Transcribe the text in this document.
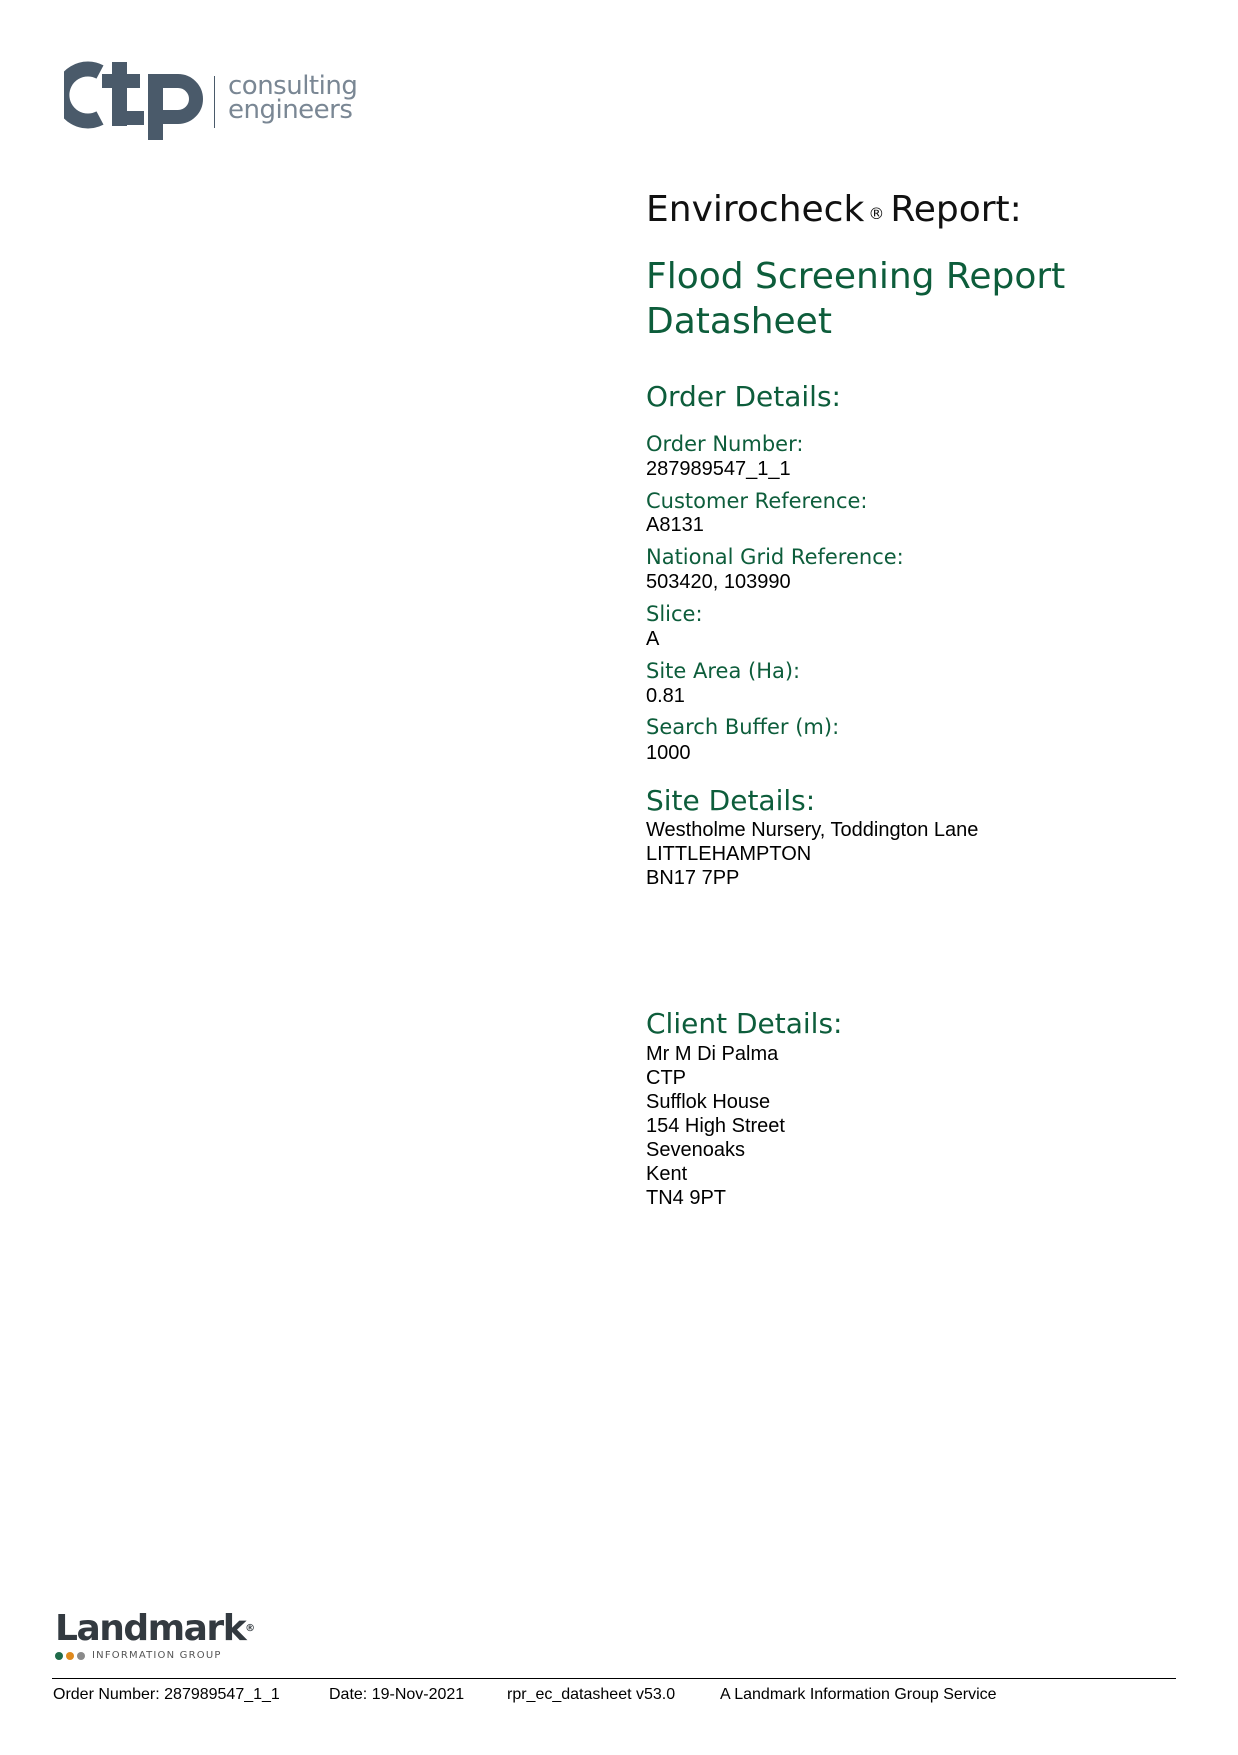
consulting
engineers
Envirocheck ® Report:
Flood Screening Report
Datasheet
Order Details:
Order Number:
287989547_1_1
Customer Reference:
A8131
National Grid Reference:
503420, 103990
Slice:
A
Site Area (Ha):
0.81
Search Buffer (m):
1000
Site Details:
Westholme Nursery, Toddington Lane
LITTLEHAMPTON
BN17 7PP
Client Details:
Mr M Di Palma
CTP
Sufflok House
154 High Street
Sevenoaks
Kent
TN4 9PT
Landmark®
INFORMATION GROUP
Order Number: 287989547_1_1	Date: 19-Nov-2021	rpr_ec_datasheet v53.0	A Landmark Information Group Service
